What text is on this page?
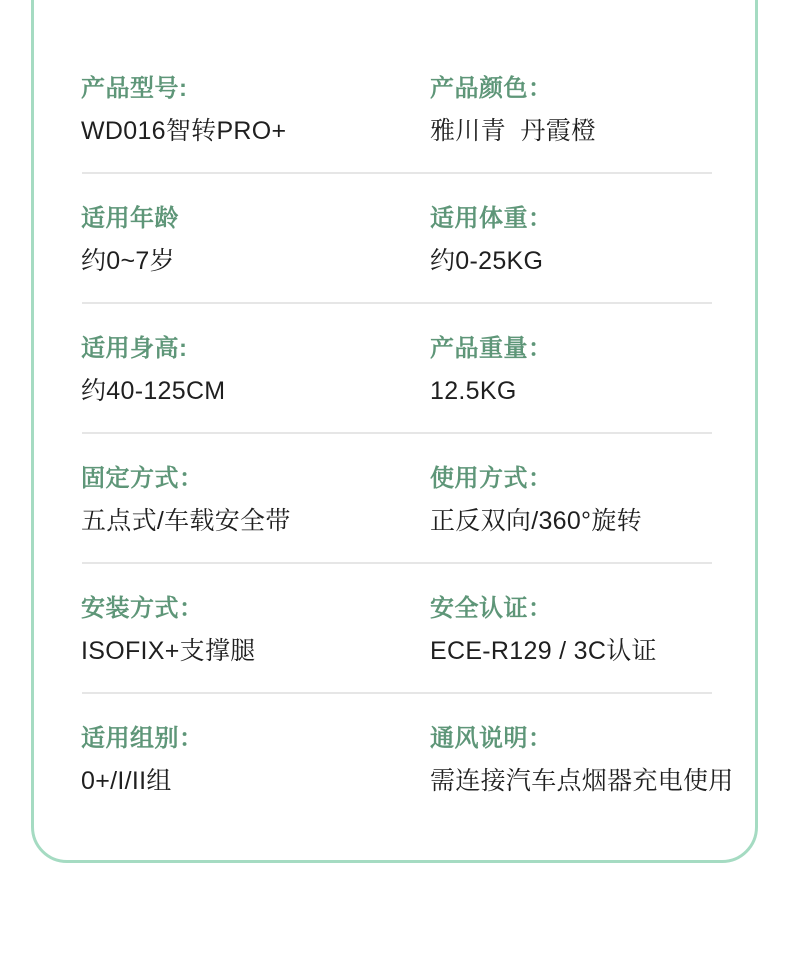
产品型号:
WD016智转PRO+
产品颜色：
雅川青  丹霞橙
适用年龄
约0~7岁
适用体重：
约0-25KG
适用身高:
约40-125CM
产品重量：
12.5KG
固定方式：
五点式/车载安全带
使用方式：
正反双向/360°旋转
安装方式：
ISOFIX+支撑腿
安全认证：
ECE-R129 / 3C认证
适用组别：
0+/I/II组
通风说明：
需连接汽车点烟器充电使用
